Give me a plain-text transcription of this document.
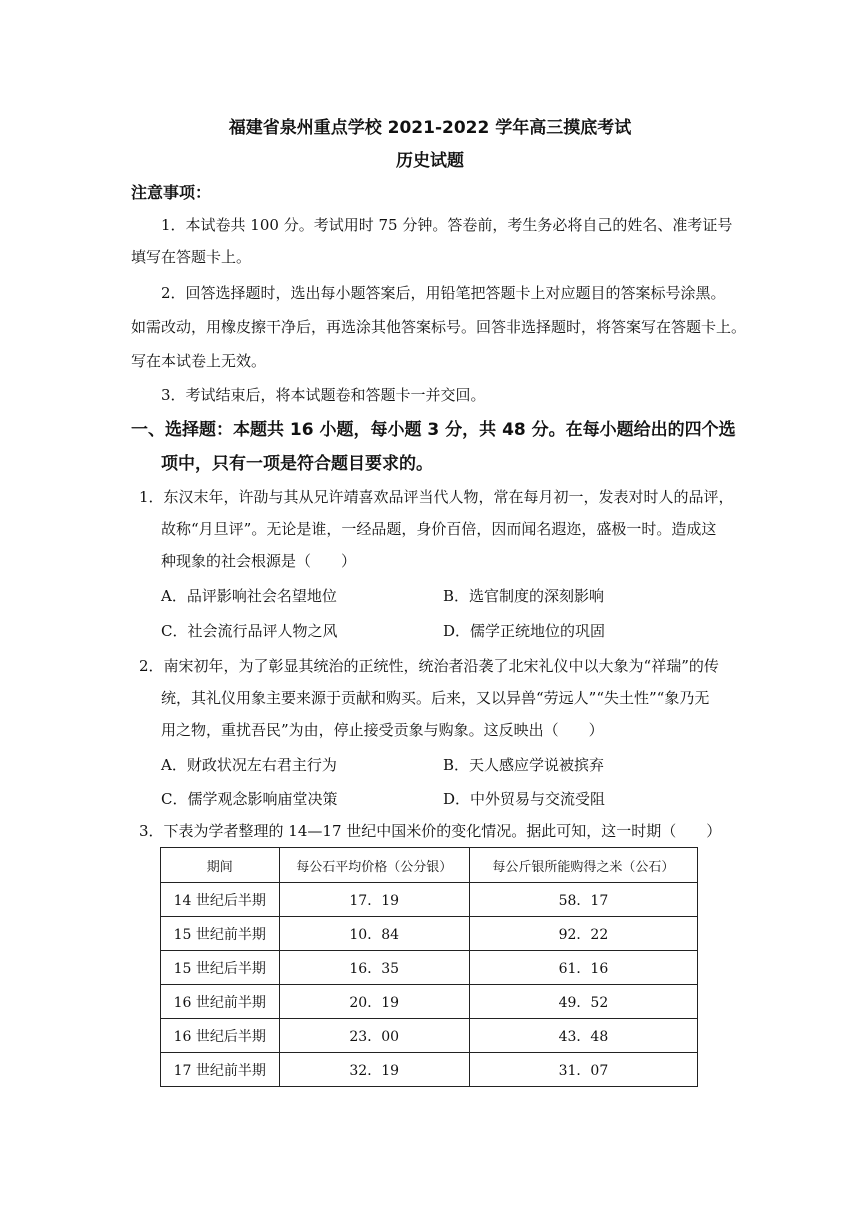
福建省泉州重点学校 2021-2022 学年高三摸底考试
历史试题
注意事项：
1．本试卷共 100 分。考试用时 75 分钟。答卷前，考生务必将自己的姓名、准考证号
填写在答题卡上。
2．回答选择题时，选出每小题答案后，用铅笔把答题卡上对应题目的答案标号涂黑。
如需改动，用橡皮擦干净后，再选涂其他答案标号。回答非选择题时，将答案写在答题卡上。
写在本试卷上无效。
3．考试结束后，将本试题卷和答题卡一并交回。
一、选择题：本题共 16 小题，每小题 3 分，共 48 分。在每小题给出的四个选
项中，只有一项是符合题目要求的。
1．东汉末年，许劭与其从兄许靖喜欢品评当代人物，常在每月初一，发表对时人的品评，
故称“月旦评”。无论是谁，一经品题，身价百倍，因而闻名遐迩，盛极一时。造成这
种现象的社会根源是（　　）
A．品评影响社会名望地位	B．选官制度的深刻影响
C．社会流行品评人物之风	D．儒学正统地位的巩固
2．南宋初年，为了彰显其统治的正统性，统治者沿袭了北宋礼仪中以大象为“祥瑞”的传
统，其礼仪用象主要来源于贡献和购买。后来，又以异兽“劳远人”“失土性”“象乃无
用之物，重扰吾民”为由，停止接受贡象与购象。这反映出（　　）
A．财政状况左右君主行为	B．天人感应学说被摈弃
C．儒学观念影响庙堂决策	D．中外贸易与交流受阻
3．下表为学者整理的 14—17 世纪中国米价的变化情况。据此可知，这一时期（　　）
期间	每公石平均价格（公分银）	每公斤银所能购得之米（公石）
14 世纪后半期	17．19	58．17
15 世纪前半期	10．84	92．22
15 世纪后半期	16．35	61．16
16 世纪前半期	20．19	49．52
16 世纪后半期	23．00	43．48
17 世纪前半期	32．19	31．07
